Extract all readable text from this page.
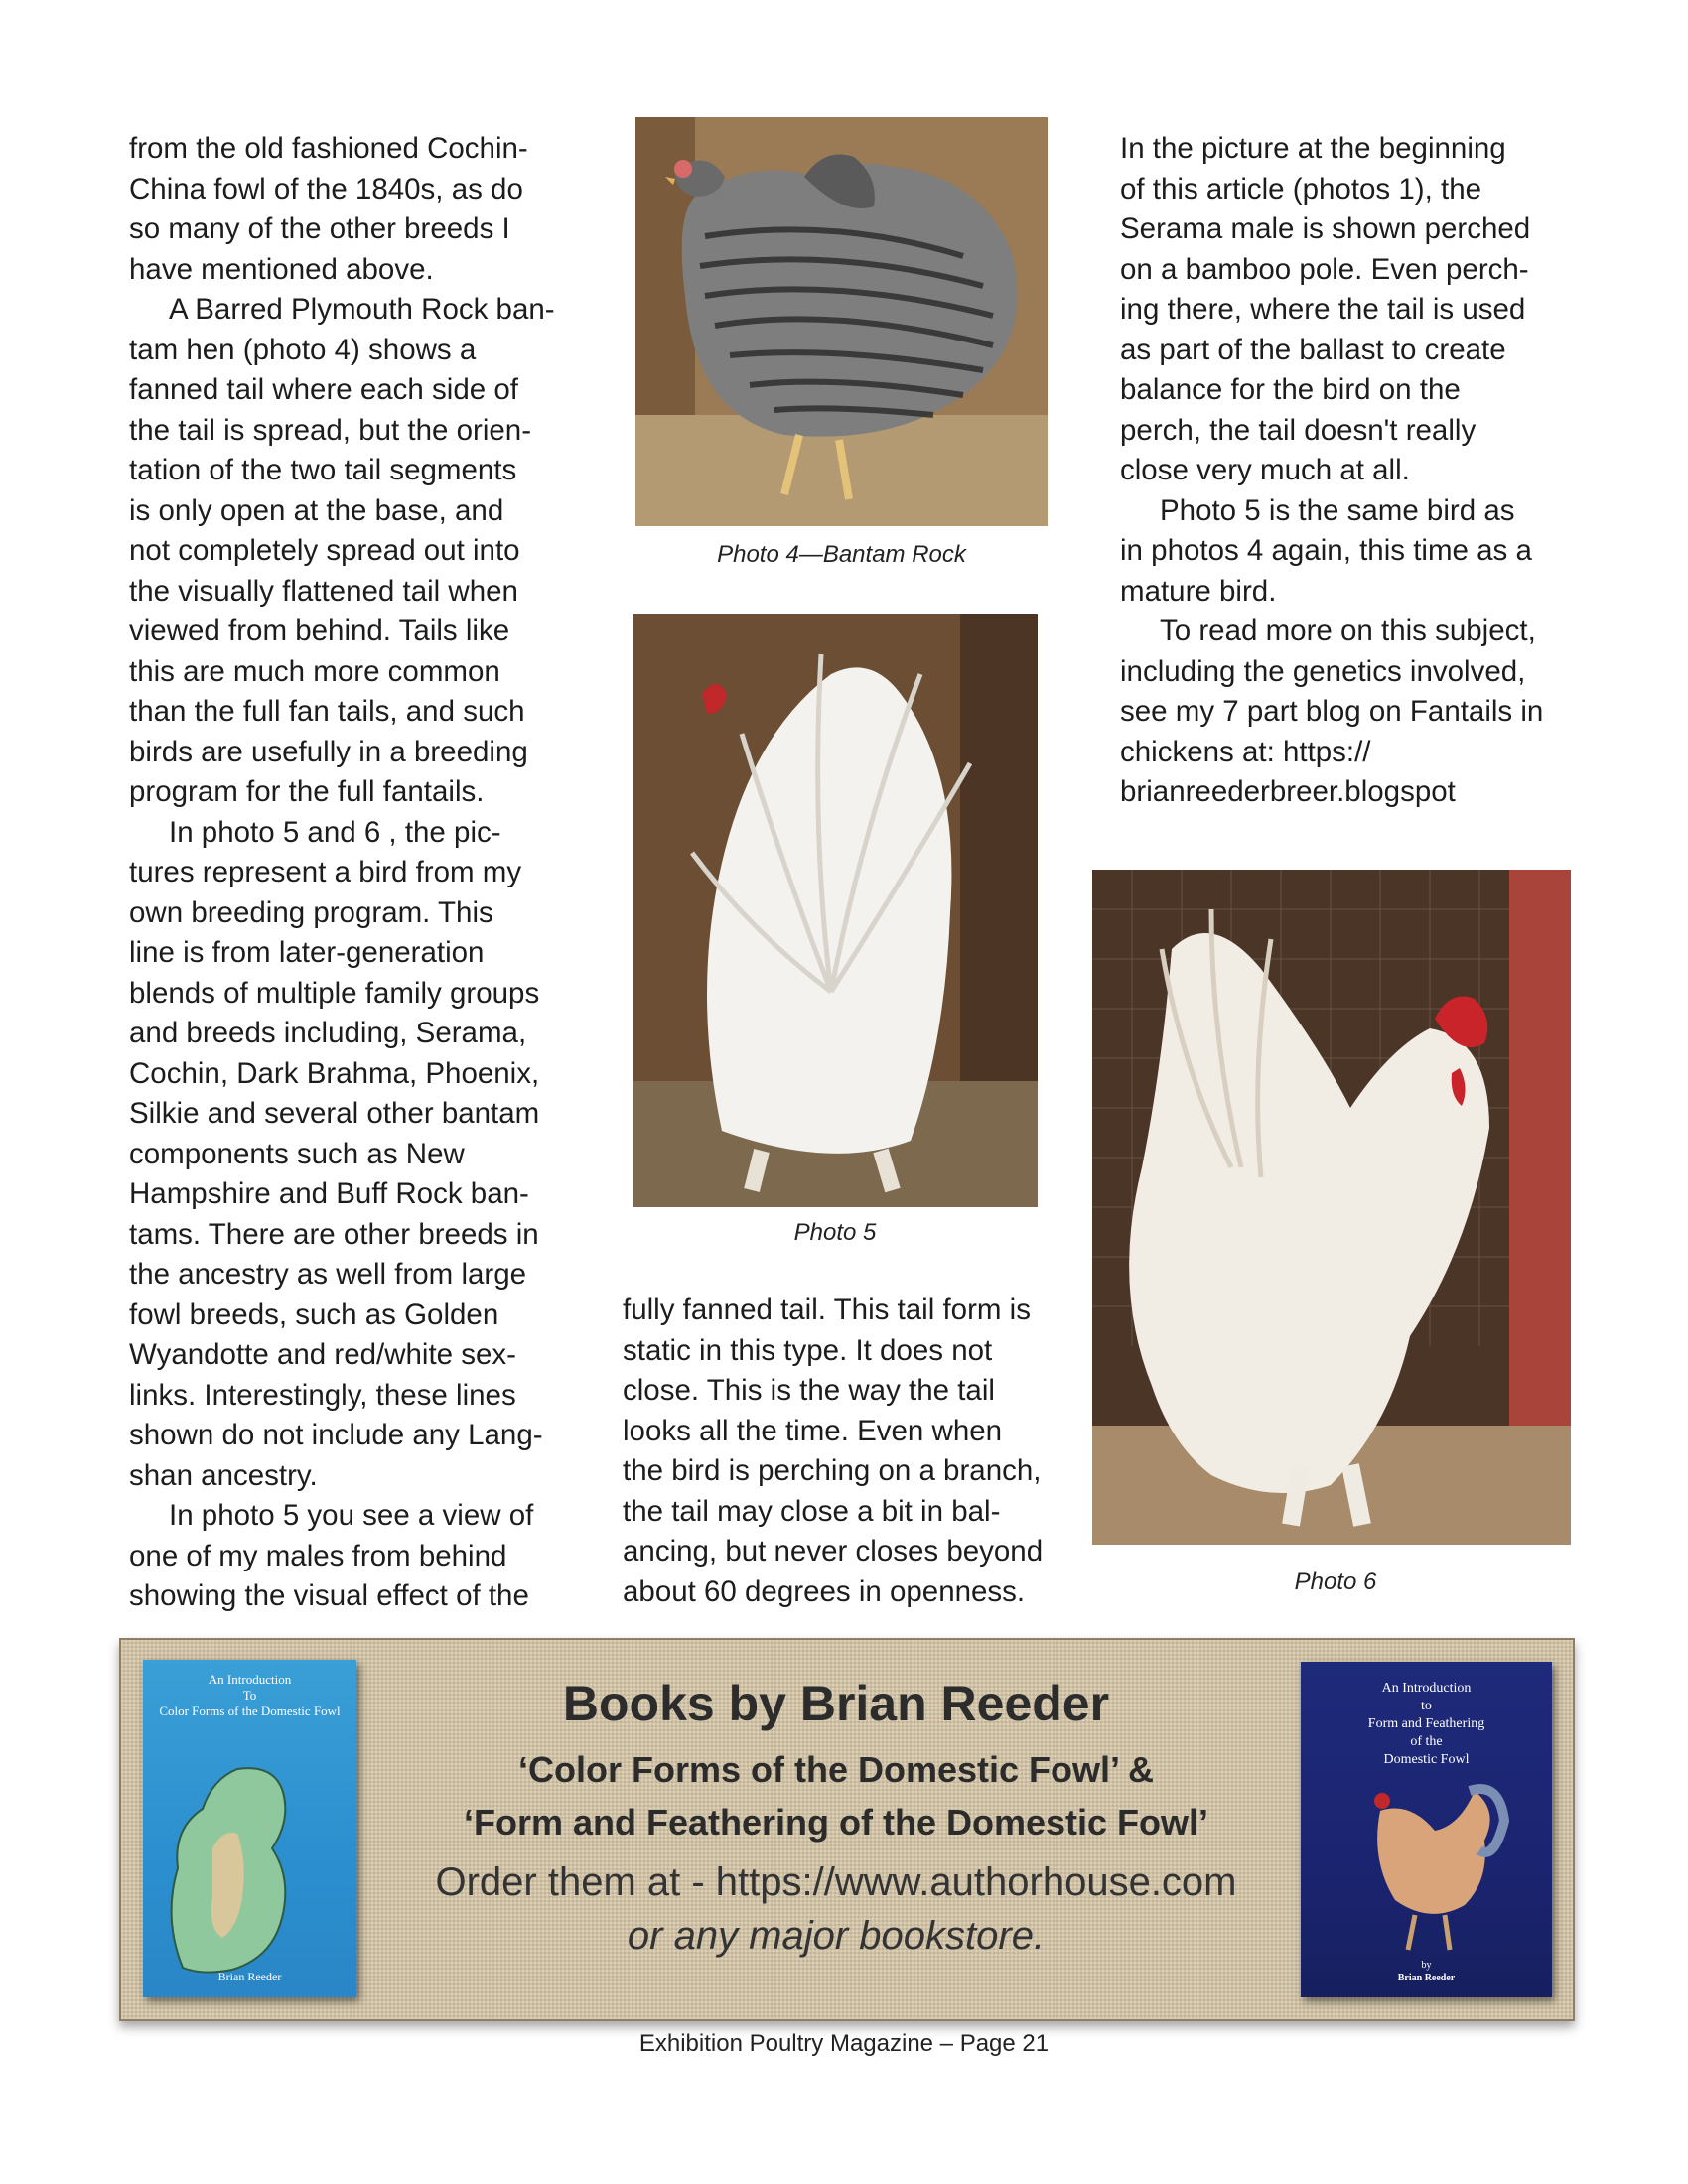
from the old fashioned Cochin-
China fowl of the 1840s, as do
so many of the other breeds I
have mentioned above.
A Barred Plymouth Rock ban-
tam hen (photo 4) shows a
fanned tail where each side of
the tail is spread, but the orien-
tation of the two tail segments
is only open at the base, and
not completely spread out into
the visually flattened tail when
viewed from behind. Tails like
this are much more common
than the full fan tails, and such
birds are usefully in a breeding
program for the full fantails.
In photo 5 and 6 , the pic-
tures represent a bird from my
own breeding program. This
line is from later-generation
blends of multiple family groups
and breeds including, Serama,
Cochin, Dark Brahma, Phoenix,
Silkie and several other bantam
components such as New
Hampshire and Buff Rock ban-
tams. There are other breeds in
the ancestry as well from large
fowl breeds, such as Golden
Wyandotte and red/white sex-
links. Interestingly, these lines
shown do not include any Lang-
shan ancestry.
In photo 5 you see a view of
one of my males from behind
showing the visual effect of the
Photo 4—Bantam Rock
Photo 5
fully fanned tail. This tail form is
static in this type. It does not
close. This is the way the tail
looks all the time. Even when
the bird is perching on a branch,
the tail may close a bit in bal-
ancing, but never closes beyond
about 60 degrees in openness.
In the picture at the beginning
of this article (photos 1), the
Serama male is shown perched
on a bamboo pole. Even perch-
ing there, where the tail is used
as part of the ballast to create
balance for the bird on the
perch, the tail doesn't really
close very much at all.
Photo 5 is the same bird as
in photos 4 again, this time as a
mature bird.
To read more on this subject,
including the genetics involved,
see my 7 part blog on Fantails in
chickens at: https://
brianreederbreer.blogspot
Photo 6
An Introduction
To
Color Forms of the Domestic Fowl
Brian Reeder
Books by Brian Reeder
‘Color Forms of the Domestic Fowl’ &
‘Form and Feathering of the Domestic Fowl’
Order them at - https://www.authorhouse.com
or any major bookstore.
An Introduction
to
Form and Feathering
of the
Domestic Fowl
by
Brian Reeder
Exhibition Poultry Magazine – Page 21
